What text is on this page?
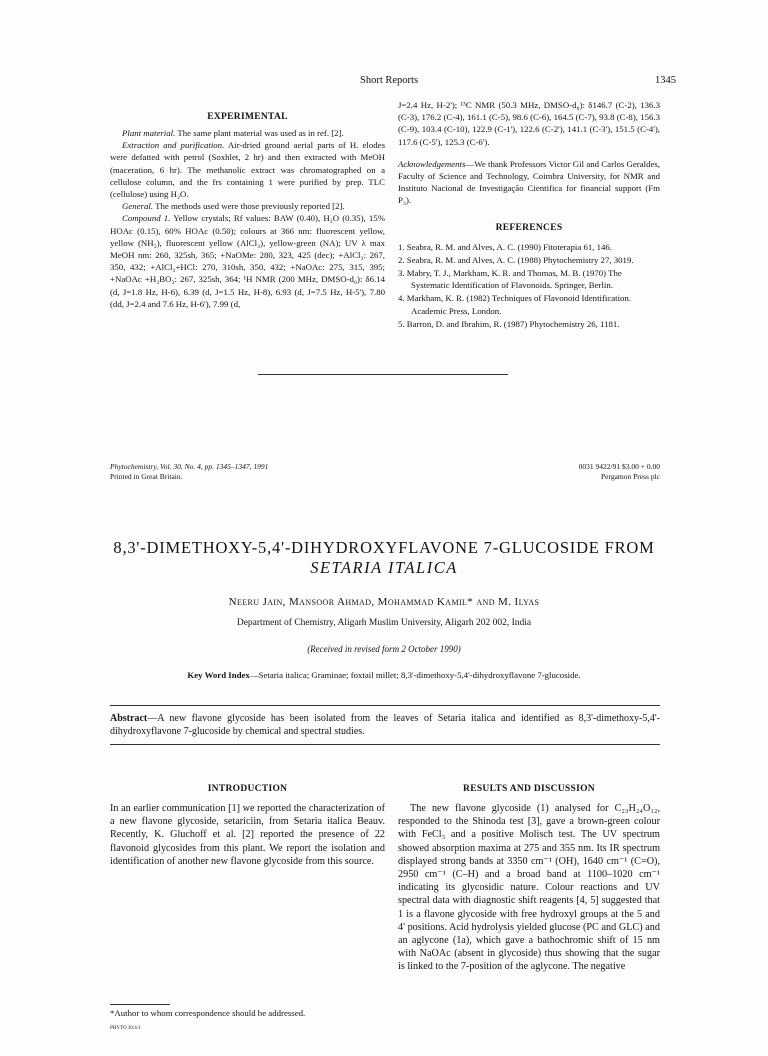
Short Reports	1345
EXPERIMENTAL

Plant material. The same plant material was used as in ref. [2].

Extraction and purification. Air-dried ground aerial parts of H. elodes were defatted with petrol (Soxhlet, 2 hr) and then extracted with MeOH (maceration, 6 hr). The methanolic extract was chromatographed on a cellulose column, and the frs containing 1 were purified by prep. TLC (cellulose) using H₂O.

General. The methods used were those previously reported [2].

Compound 1. Yellow crystals; Rf values: BAW (0.40), H₂O (0.35), 15% HOAc (0.15), 60% HOAc (0.50); colours at 366 nm: fluorescent yellow, yellow (NH₃), fluorescent yellow (AlCl₃), yellow-green (NA); UV λ max MeOH nm: 260, 325sh, 365; +NaOMe: 280, 323, 425 (dec); +AlCl₃: 267, 350, 432; +AlCl₃+HCl: 270, 310sh, 350, 432; +NaOAc: 275, 315, 395; +NaOAc +H₃BO₃: 267, 325sh, 364; ¹H NMR (200 MHz, DMSO-d₆): δ6.14 (d, J=1.8 Hz, H-6), 6.39 (d, J=1.5 Hz, H-8), 6.93 (d, J=7.5 Hz, H-5'), 7.80 (dd, J=2.4 and 7.6 Hz, H-6'), 7.99 (d,

J=2.4 Hz, H-2'); ¹³C NMR (50.3 MHz, DMSO-d₆): δ146.7 (C-2), 136.3 (C-3), 176.2 (C-4), 161.1 (C-5), 98.6 (C-6), 164.5 (C-7), 93.8 (C-8), 156.3 (C-9), 103.4 (C-10), 122.9 (C-1'), 122.6 (C-2'), 141.1 (C-3'), 151.5 (C-4'), 117.6 (C-5'), 125.3 (C-6').

Acknowledgements—We thank Professors Victor Gil and Carlos Geraldes, Faculty of Science and Technology, Coimbra University, for NMR and Instituto Nacional de Investigação Cientifica for financial support (Fm P₃).

REFERENCES
1. Seabra, R. M. and Alves, A. C. (1990) Fitoterapia 61, 146.
2. Seabra, R. M. and Alves, A. C. (1988) Phytochemistry 27, 3019.
3. Mabry, T. J., Markham, K. R. and Thomas, M. B. (1970) The Systematic Identification of Flavonoids. Springer, Berlin.
4. Markham, K. R. (1982) Techniques of Flavonoid Identification. Academic Press, London.
5. Barron, D. and Ibrahim, R. (1987) Phytochemistry 26, 1181.
Phytochemistry, Vol. 30, No. 4, pp. 1345–1347, 1991
Printed in Great Britain.
0031 9422/91 $3.00 + 0.00
Pergamon Press plc
8,3'-DIMETHOXY-5,4'-DIHYDROXYFLAVONE 7-GLUCOSIDE FROM
SETARIA ITALICA
Neeru Jain, Mansoor Ahmad, Mohammad Kamil* and M. Ilyas
Department of Chemistry, Aligarh Muslim University, Aligarh 202 002, India
(Received in revised form 2 October 1990)
Key Word Index—Setaria italica; Graminae; foxtail millet; 8,3'-dimethoxy-5,4'-dihydroxyflavone 7-glucoside.
Abstract—A new flavone glycoside has been isolated from the leaves of Setaria italica and identified as 8,3'-dimethoxy-5,4'-dihydroxyflavone 7-glucoside by chemical and spectral studies.
INTRODUCTION

In an earlier communication [1] we reported the characterization of a new flavone glycoside, setariciin, from Setaria italica Beauv. Recently, K. Gluchoff et al. [2] reported the presence of 22 flavonoid glycosides from this plant. We report the isolation and identification of another new flavone glycoside from this source.

RESULTS AND DISCUSSION

The new flavone glycoside (1) analysed for C₂₃H₂₄O₁₂, responded to the Shinoda test [3], gave a brown-green colour with FeCl₃ and a positive Molisch test. The UV spectrum showed absorption maxima at 275 and 355 nm. Its IR spectrum displayed strong bands at 3350 cm⁻¹ (OH), 1640 cm⁻¹ (C=O), 2950 cm⁻¹ (C–H) and a broad band at 1100–1020 cm⁻¹ indicating its glycosidic nature. Colour reactions and UV spectral data with diagnostic shift reagents [4, 5] suggested that 1 is a flavone glycoside with free hydroxyl groups at the 5 and 4' positions. Acid hydrolysis yielded glucose (PC and GLC) and an aglycone (1a), which gave a bathochromic shift of 15 nm with NaOAc (absent in glycoside) thus showing that the sugar is linked to the 7-position of the aglycone. The negative

*Author to whom correspondence should be addressed.
PHYTO 30:4-I
